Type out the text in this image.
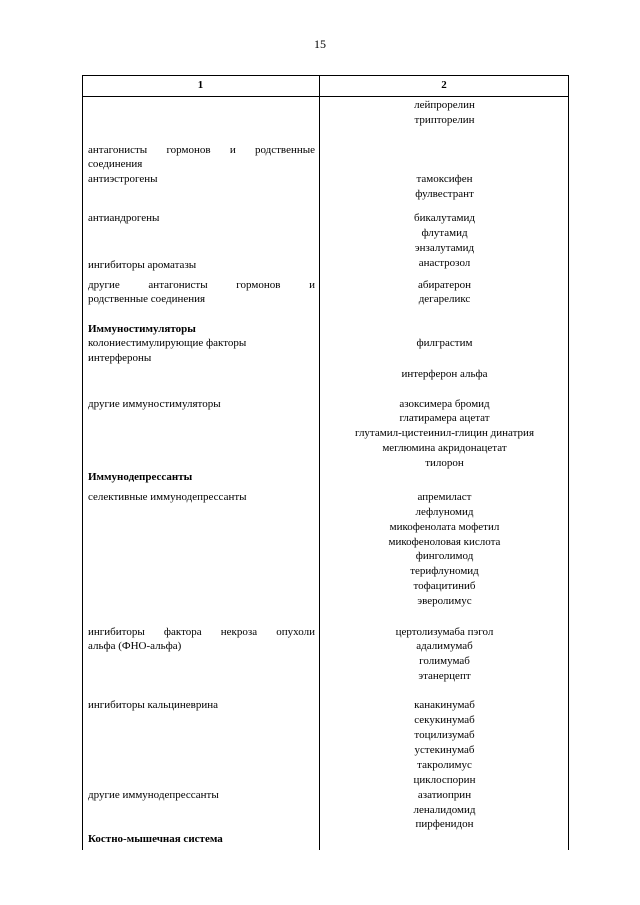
15
1	2
антагонисты гормонов и родственные
соединения
антиэстрогены
антиандрогены
ингибиторы ароматазы
другие антагонисты гормонов и
родственные соединения
Иммуностимуляторы
колониестимулирующие факторы
интерфероны
другие иммуностимуляторы
Иммунодепрессанты
селективные иммунодепрессанты
ингибиторы фактора некроза опухоли
альфа (ФНО-альфа)
ингибиторы кальциневрина
другие иммунодепрессанты
Костно-мышечная система
лейпрорелин
трипторелин
тамоксифен
фулвестрант
бикалутамид
флутамид
энзалутамид
анастрозол
абиратерон
дегареликс
филграстим
интерферон альфа
азоксимера бромид
глатирамера ацетат
глутамил-цистеинил-глицин динатрия
меглюмина акридонацетат
тилорон
апремиласт
лефлуномид
микофенолата мофетил
микофеноловая кислота
финголимод
терифлуномид
тофацитиниб
эверолимус
цертолизумаба пэгол
адалимумаб
голимумаб
этанерцепт
канакинумаб
секукинумаб
тоцилизумаб
устекинумаб
такролимус
циклоспорин
азатиоприн
леналидомид
пирфенидон
